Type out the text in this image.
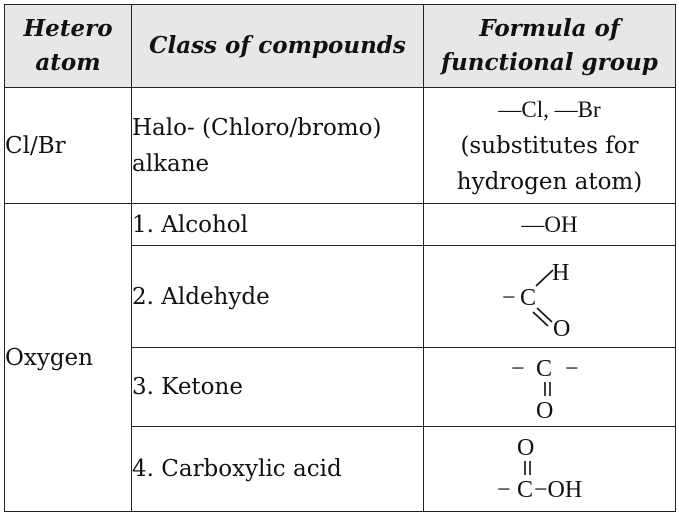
Hetero atom	Class of compounds	Formula of functional group
Cl/Br	Halo- (Chloro/bromo) alkane	—Cl, —Br
(substitutes for
hydrogen atom)

Oxygen	1. Alcohol	—OH
	2. Aldehyde	H
− C
O

	3. Ketone	− C −
O

	4. Carboxylic acid	O
− C −OH
